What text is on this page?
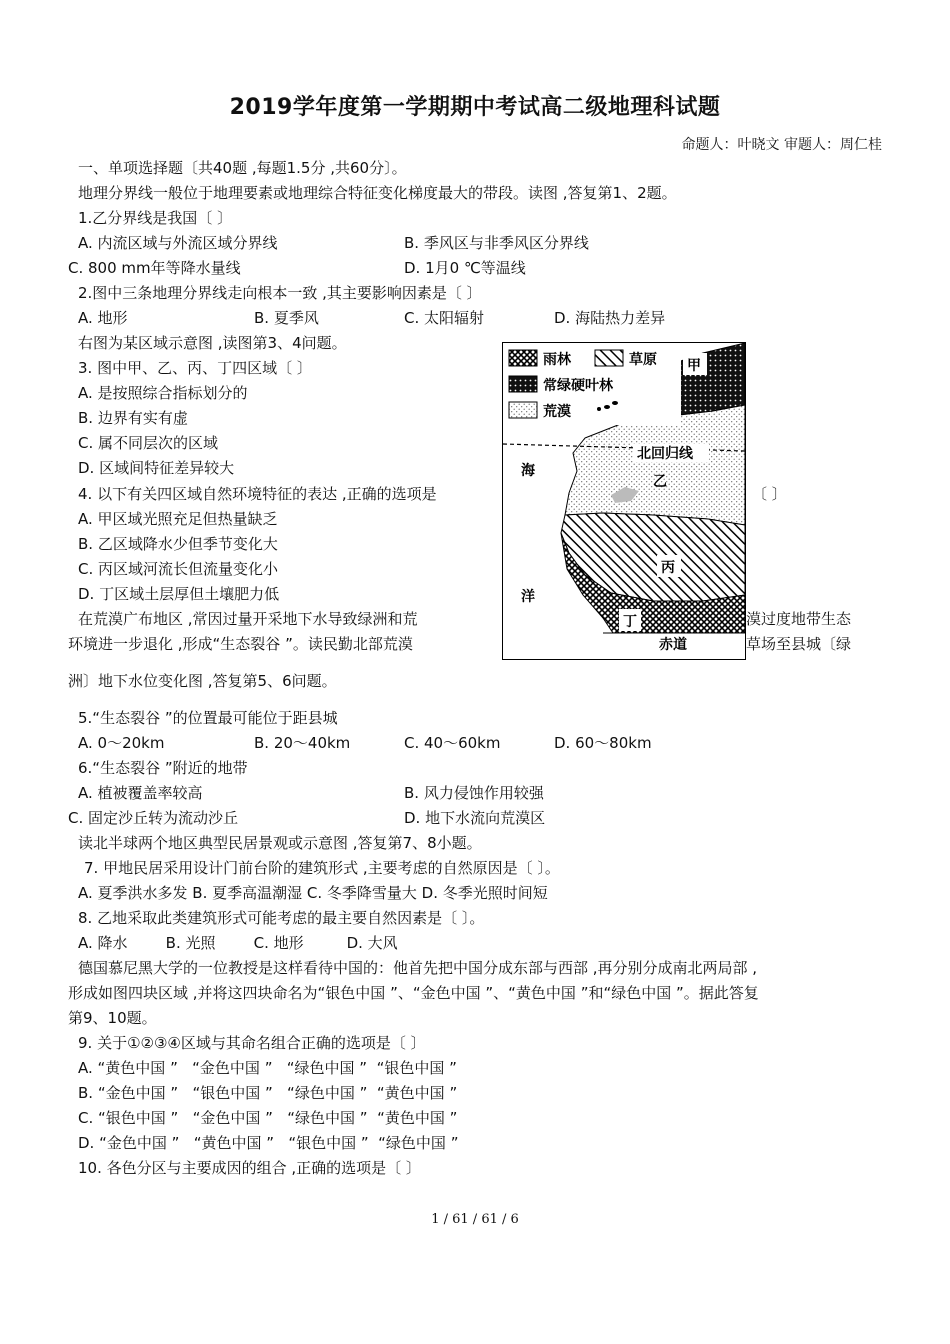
2019学年度第一学期期中考试高二级地理科试题
命题人：叶晓文 审题人：周仁桂
一、单项选择题〔共40题 ,每题1.5分 ,共60分〕。
地理分界线一般位于地理要素或地理综合特征变化梯度最大的带段。读图 ,答复第1、2题。
1.乙分界线是我国〔 〕
A. 内流区域与外流区域分界线	B. 季风区与非季风区分界线
C. 800 mm年等降水量线	D. 1月0 ℃等温线
2.图中三条地理分界线走向根本一致 ,其主要影响因素是〔 〕
A. 地形	B. 夏季风	C. 太阳辐射	D. 海陆热力差异
右图为某区域示意图 ,读图第3、4问题。
3. 图中甲、乙、丙、丁四区域〔 〕
A. 是按照综合指标划分的
B. 边界有实有虚
C. 属不同层次的区域
D. 区域间特征差异较大
4. 以下有关四区域自然环境特征的表达 ,正确的选项是	〔 〕
A. 甲区域光照充足但热量缺乏
B. 乙区域降水少但季节变化大
C. 丙区域河流长但流量变化小
D. 丁区域土层厚但土壤肥力低
在荒漠广布地区 ,常因过量开采地下水导致绿洲和荒	漠过度地带生态
环境进一步退化 ,形成“生态裂谷 ”。读民勤北部荒漠	草场至县城〔绿
洲〕地下水位变化图 ,答复第5、6问题。
5.“生态裂谷 ”的位置最可能位于距县城
A. 0～20km	B. 20～40km	C. 40～60km	D. 60～80km
6.“生态裂谷 ”附近的地带
A. 植被覆盖率较高	B. 风力侵蚀作用较强
C. 固定沙丘转为流动沙丘	D. 地下水流向荒漠区
读北半球两个地区典型民居景观或示意图 ,答复第7、8小题。
7. 甲地民居采用设计门前台阶的建筑形式 ,主要考虑的自然原因是〔 〕。
A. 夏季洪水多发 B. 夏季高温潮湿 C. 冬季降雪量大 D. 冬季光照时间短
8. 乙地采取此类建筑形式可能考虑的最主要自然因素是〔 〕。
A. 降水        B. 光照        C. 地形         D. 大风
德国慕尼黑大学的一位教授是这样看待中国的：他首先把中国分成东部与西部 ,再分别分成南北两局部 ,
形成如图四块区域 ,并将这四块命名为“银色中国 ”、“金色中国 ”、“黄色中国 ”和“绿色中国 ”。据此答复
第9、10题。
9. 关于①②③④区域与其命名组合正确的选项是〔 〕
A. “黄色中国 ”   “金色中国 ”   “绿色中国 ”  “银色中国 ”
B. “金色中国 ”   “银色中国 ”   “绿色中国 ”  “黄色中国 ”
C. “银色中国 ”   “金色中国 ”   “绿色中国 ”  “黄色中国 ”
D. “金色中国 ”   “黄色中国 ”   “银色中国 ”  “绿色中国 ”
10. 各色分区与主要成因的组合 ,正确的选项是〔 〕
雨林	草原
常绿硬叶林
荒漠
北回归线
赤道
甲
乙
丙
丁
海
洋
1 / 61 / 61 / 6
